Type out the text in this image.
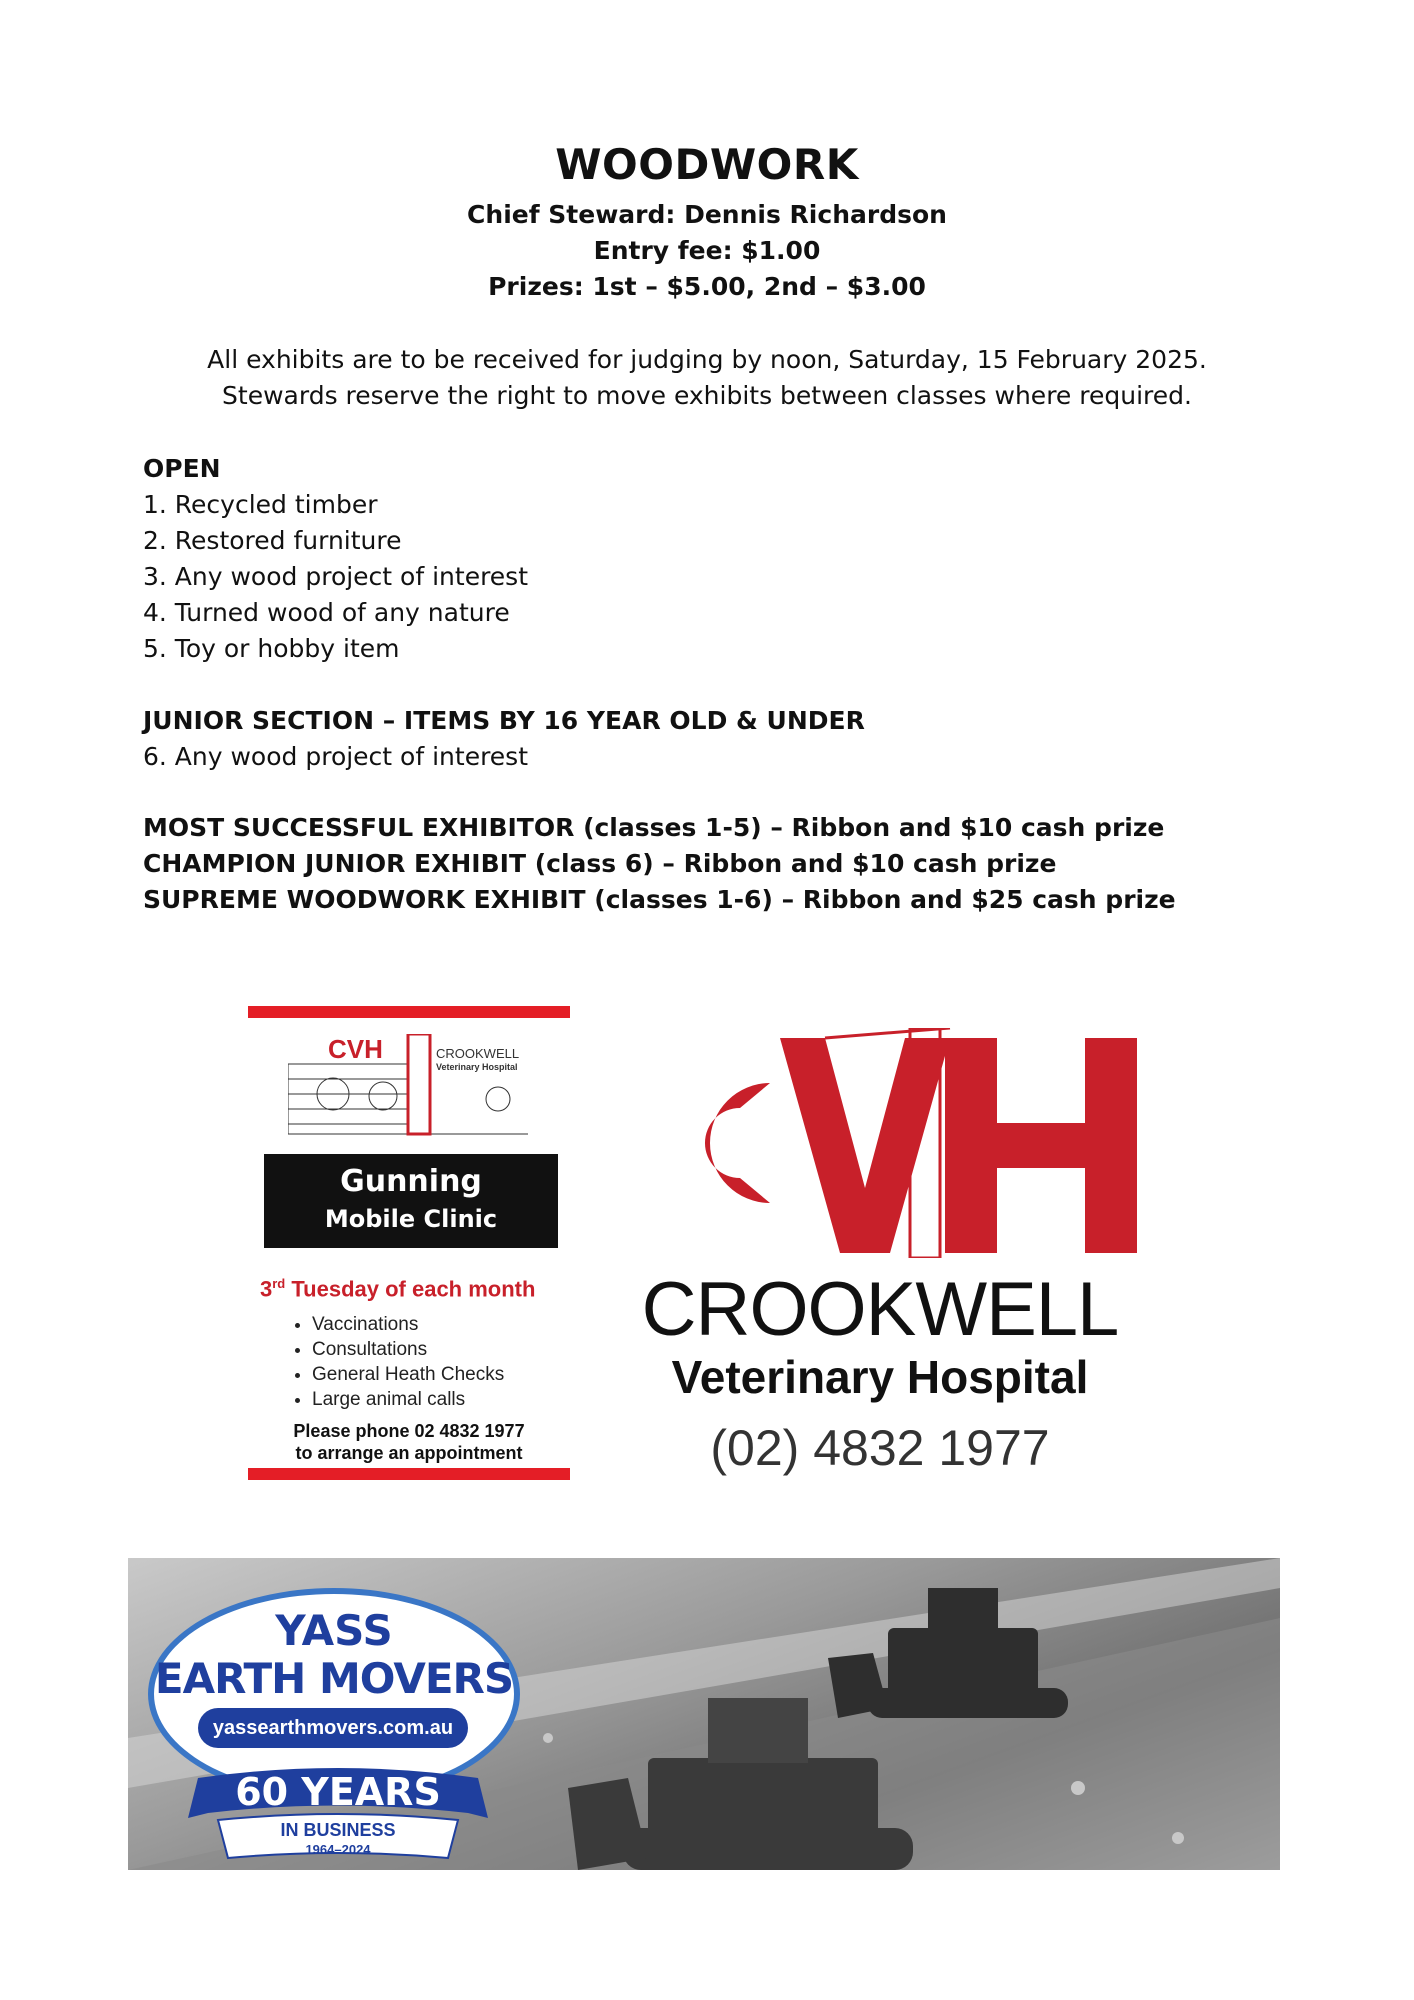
WOODWORK
Chief Steward: Dennis Richardson
Entry fee: $1.00
Prizes: 1st – $5.00, 2nd – $3.00
All exhibits are to be received for judging by noon, Saturday, 15 February 2025.
Stewards reserve the right to move exhibits between classes where required.
OPEN
1. Recycled timber
2. Restored furniture
3. Any wood project of interest
4. Turned wood of any nature
5. Toy or hobby item
JUNIOR SECTION – ITEMS BY 16 YEAR OLD & UNDER
6. Any wood project of interest
MOST SUCCESSFUL EXHIBITOR (classes 1-5) – Ribbon and $10 cash prize
CHAMPION JUNIOR EXHIBIT (class 6) – Ribbon and $10 cash prize
SUPREME WOODWORK EXHIBIT (classes 1-6) – Ribbon and $25 cash prize
CVH	CROOKWELL
Veterinary Hospital
Gunning
Mobile Clinic
3rd Tuesday of each month
• Vaccinations
• Consultations
• General Heath Checks
• Large animal calls
Please phone 02 4832 1977
to arrange an appointment
CVH
CROOKWELL
Veterinary Hospital
(02) 4832 1977
YASS
EARTH MOVERS
yassearthmovers.com.au
60 YEARS
IN BUSINESS
1964–2024
